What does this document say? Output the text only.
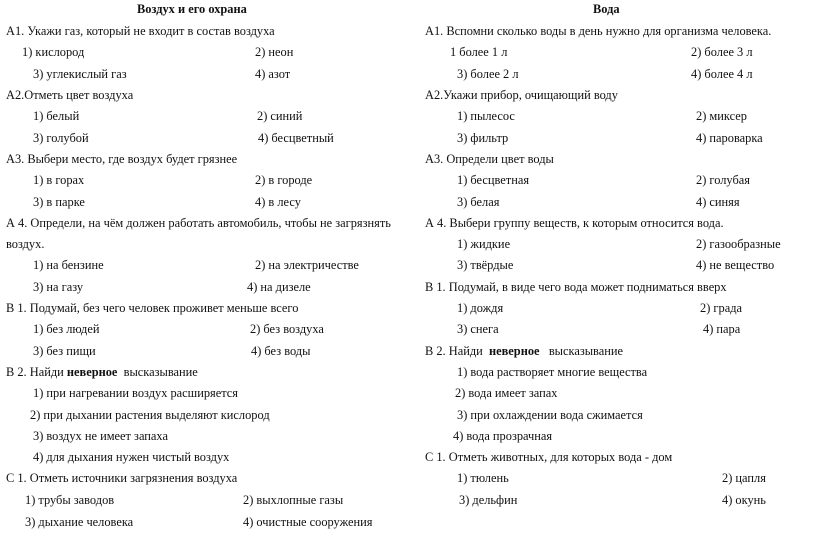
Воздух и его охрана
А1. Укажи газ, который не входит в состав воздуха
1) кислород	2) неон
3) углекислый газ	4) азот
А2.Отметь цвет воздуха
1) белый	2) синий
3) голубой	4) бесцветный
А3. Выбери место, где воздух будет грязнее
1) в горах	2) в городе
3) в парке	4) в лесу
А 4. Определи, на чём должен работать автомобиль, чтобы не загрязнять
воздух.
1) на бензине	2) на электричестве
3) на газу	4) на дизеле
В 1. Подумай, без чего человек проживет меньше всего
1) без людей	2) без воздуха
3) без пищи	4) без воды
В 2. Найди неверное  высказывание
1) при нагревании воздух расширяется
2) при дыхании растения выделяют кислород
3) воздух не имеет запаха
4) для дыхания нужен чистый воздух
С 1. Отметь источники загрязнения воздуха
1) трубы заводов	2) выхлопные газы
3) дыхание человека	4) очистные сооружения
Вода
А1. Вспомни сколько воды в день нужно для организма человека.
1 более 1 л	2) более 3 л
3) более 2 л	4) более 4 л
А2.Укажи прибор, очищающий воду
1) пылесос	2) миксер
3) фильтр	4) пароварка
А3. Определи цвет воды
1) бесцветная	2) голубая
3) белая	4) синяя
А 4. Выбери группу веществ, к которым относится вода.
1) жидкие	2) газообразные
3) твёрдые	4) не вещество
В 1. Подумай, в виде чего вода может подниматься вверх
1) дождя	2) града
3) снега	4) пара
В 2. Найди  неверное   высказывание
1) вода растворяет многие вещества
2) вода имеет запах
3) при охлаждении вода сжимается
4) вода прозрачная
С 1. Отметь животных, для которых вода - дом
1) тюлень	2) цапля
3) дельфин	4) окунь
